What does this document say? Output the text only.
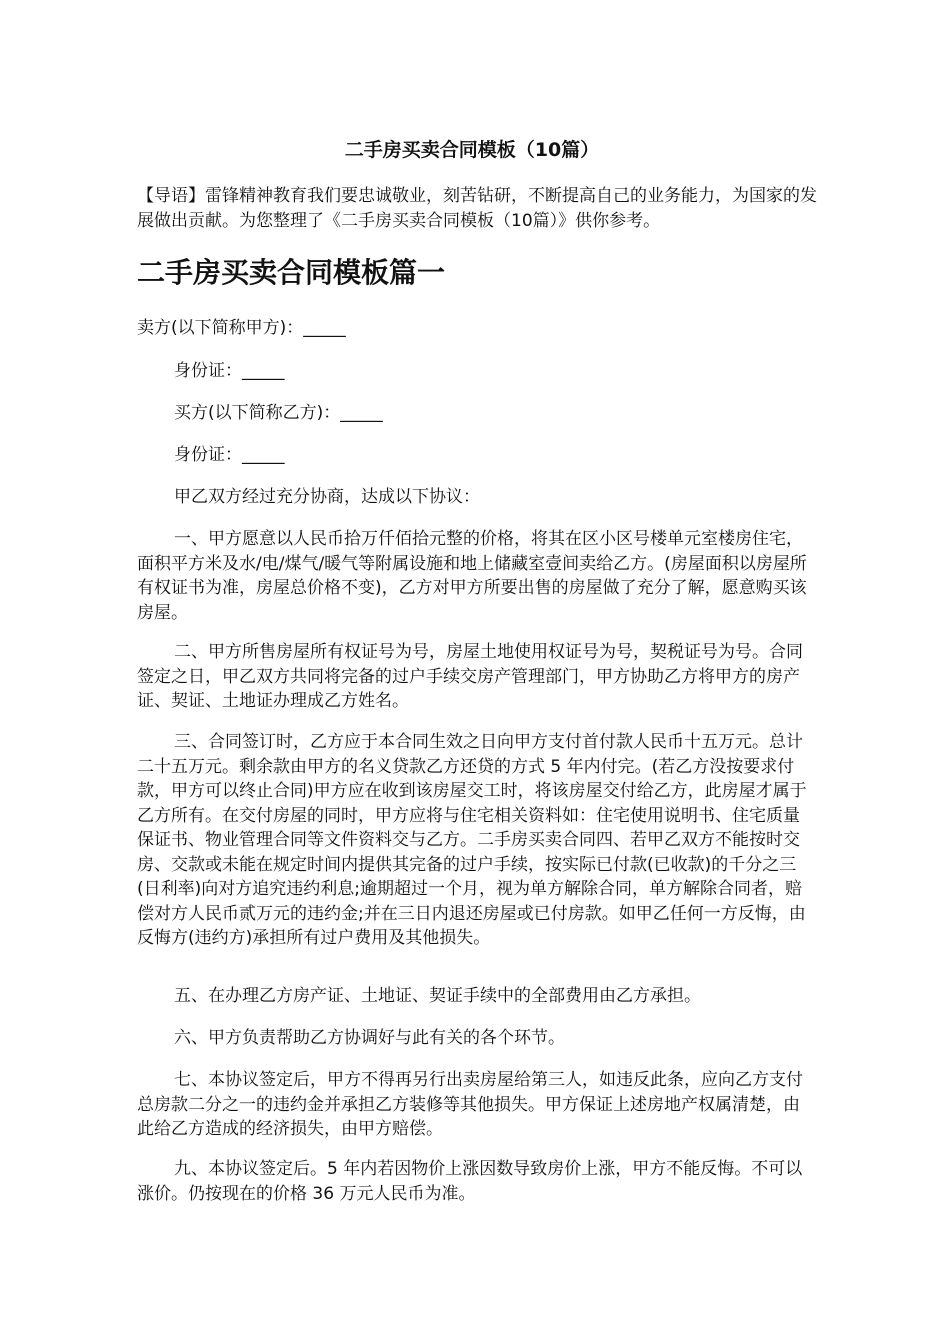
二手房买卖合同模板（10篇）

【导语】雷锋精神教育我们要忠诚敬业，刻苦钻研，不断提高自己的业务能力，为国家的发展做出贡献。为您整理了《二手房买卖合同模板（10篇）》供你参考。

二手房买卖合同模板篇一

卖方(以下简称甲方)：_____

身份证：_____

买方(以下简称乙方)：_____

身份证：_____

甲乙双方经过充分协商，达成以下协议：

一、甲方愿意以人民币拾万仟佰拾元整的价格，将其在区小区号楼单元室楼房住宅，面积平方米及水/电/煤气/暖气等附属设施和地上储藏室壹间卖给乙方。(房屋面积以房屋所有权证书为准，房屋总价格不变)，乙方对甲方所要出售的房屋做了充分了解，愿意购买该房屋。

二、甲方所售房屋所有权证号为号，房屋土地使用权证号为号，契税证号为号。合同签定之日，甲乙双方共同将完备的过户手续交房产管理部门，甲方协助乙方将甲方的房产证、契证、土地证办理成乙方姓名。

三、合同签订时，乙方应于本合同生效之日向甲方支付首付款人民币十五万元。总计二十五万元。剩余款由甲方的名义贷款乙方还贷的方式 5 年内付完。(若乙方没按要求付款，甲方可以终止合同)甲方应在收到该房屋交工时，将该房屋交付给乙方，此房屋才属于乙方所有。在交付房屋的同时，甲方应将与住宅相关资料如：住宅使用说明书、住宅质量保证书、物业管理合同等文件资料交与乙方。二手房买卖合同四、若甲乙双方不能按时交房、交款或未能在规定时间内提供其完备的过户手续，按实际已付款(已收款)的千分之三(日利率)向对方追究违约利息;逾期超过一个月，视为单方解除合同，单方解除合同者，赔偿对方人民币贰万元的违约金;并在三日内退还房屋或已付房款。如甲乙任何一方反悔，由反悔方(违约方)承担所有过户费用及其他损失。

五、在办理乙方房产证、土地证、契证手续中的全部费用由乙方承担。

六、甲方负责帮助乙方协调好与此有关的各个环节。

七、本协议签定后，甲方不得再另行出卖房屋给第三人，如违反此条，应向乙方支付总房款二分之一的违约金并承担乙方装修等其他损失。甲方保证上述房地产权属清楚，由此给乙方造成的经济损失，由甲方赔偿。

九、本协议签定后。5 年内若因物价上涨因数导致房价上涨，甲方不能反悔。不可以涨价。仍按现在的价格 36 万元人民币为准。
